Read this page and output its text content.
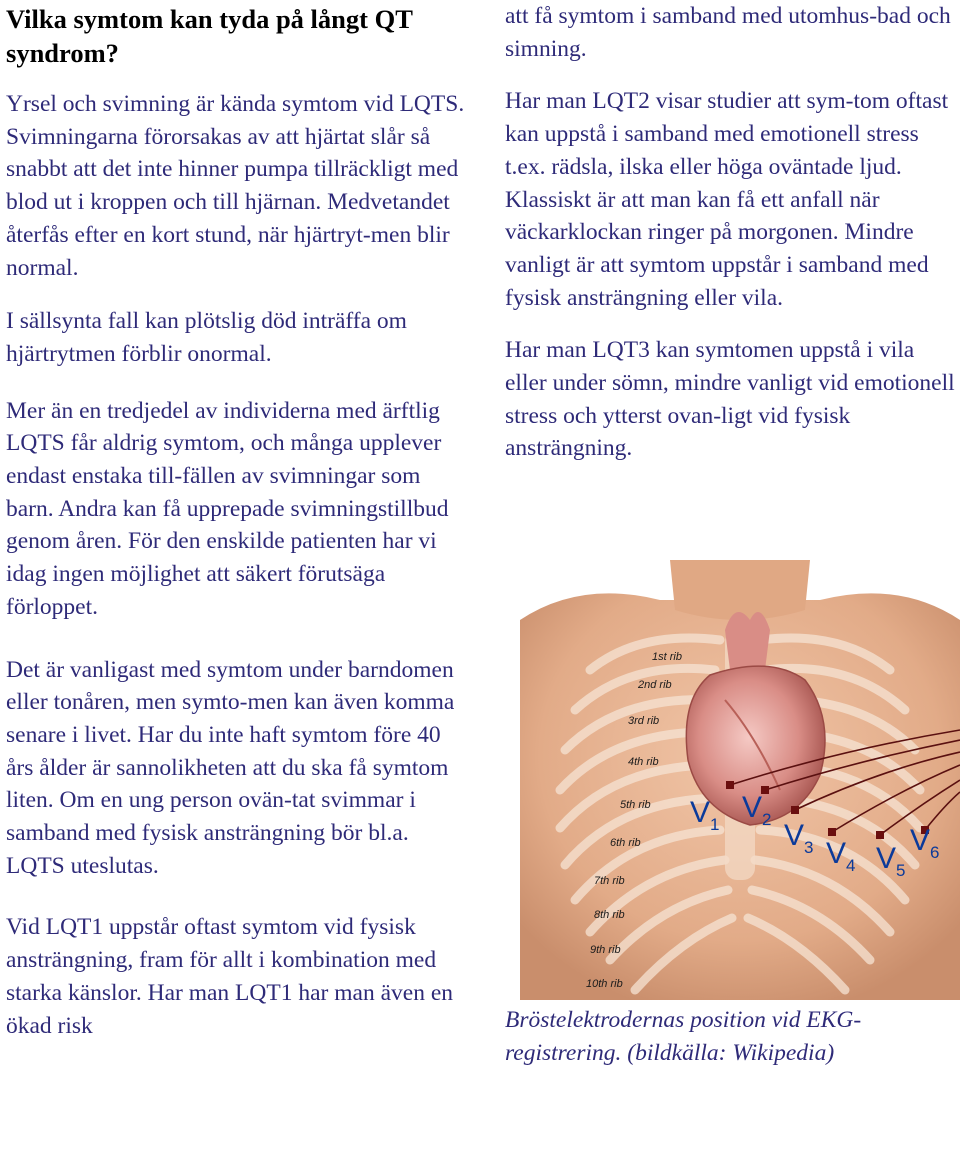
Vilka symtom kan tyda på långt QT syndrom?

Yrsel och svimning är kända symtom vid LQTS. Svimningarna förorsakas av att hjärtat slår så snabbt att det inte hinner pumpa tillräckligt med blod ut i kroppen och till hjärnan. Medvetandet återfås efter en kort stund, när hjärtryt-men blir normal.

I sällsynta fall kan plötslig död inträffa om hjärtrytmen förblir onormal.

Mer än en tredjedel av individerna med ärftlig LQTS får aldrig symtom, och många upplever endast enstaka till-fällen av svimningar som barn. Andra kan få upprepade svimningstillbud genom åren. För den enskilde patienten har vi idag ingen möjlighet att säkert förutsäga förloppet.

Det är vanligast med symtom under barndomen eller tonåren, men symto-men kan även komma senare i livet. Har du inte haft symtom före 40 års ålder är sannolikheten att du ska få symtom liten. Om en ung person ovän-tat svimmar i samband med fysisk ansträngning bör bl.a. LQTS uteslutas.

Vid LQT1 uppstår oftast symtom vid fysisk ansträngning, fram för allt i kombination med starka känslor. Har man LQT1 har man även en ökad risk

att få symtom i samband med utomhus-bad och simning.

Har man LQT2 visar studier att sym-tom oftast kan uppstå i samband med emotionell stress t.ex. rädsla, ilska eller höga oväntade ljud. Klassiskt är att man kan få ett anfall när väckarklockan ringer på morgonen. Mindre vanligt är att symtom uppstår i samband med fysisk ansträngning eller vila.

Har man LQT3 kan symtomen uppstå i vila eller under sömn, mindre vanligt vid emotionell stress och ytterst ovan-ligt vid fysisk ansträngning.

1st rib
2nd rib
3rd rib
4th rib
5th rib
6th rib
7th rib
8th rib
9th rib
10th rib
$V_1$
$V_2$ $V_3$ $V_4$ $V_5$
$V_6$
Bröstelektrodernas position vid EKG-registrering. (bildkälla: Wikipedia)
